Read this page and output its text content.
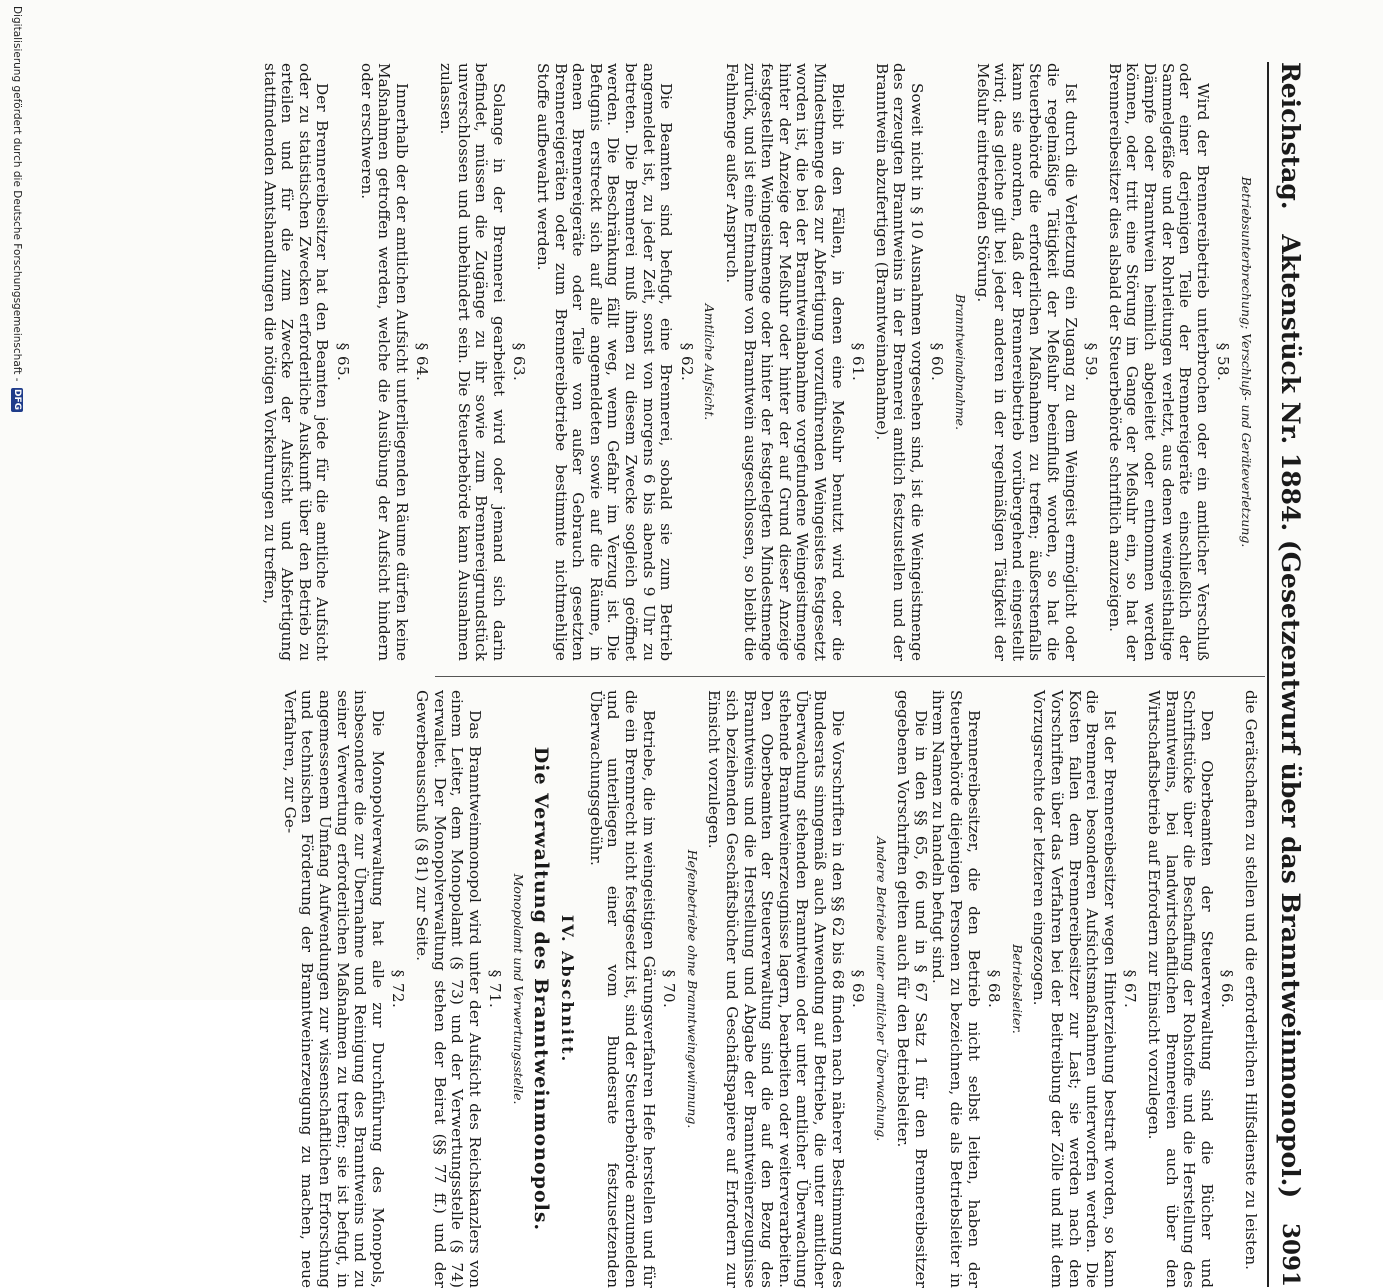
Reichstag.
Aktenstück Nr. 1884. (Gesetzentwurf über das Branntweinmonopol.)
3091
Betriebsunterbrechung; Verschluß- und Geräteverletzung.
§ 58.

Wird der Brennereibetrieb unterbrochen oder ein amtlicher Verschluß oder einer derjenigen Teile der Brennereigeräte einschließlich der Sammelgefäße und der Rohrleitungen verletzt, aus denen weingeisthaltige Dämpfe oder Branntwein heimlich abgeleitet oder entnommen werden können, oder tritt eine Störung im Gange der Meßuhr ein, so hat der Brennereibesitzer dies alsbald der Steuerbehörde schriftlich anzuzeigen.

§ 59.

Ist durch die Verletzung ein Zugang zu dem Weingeist ermöglicht oder die regelmäßige Tätigkeit der Meßuhr beeinflußt worden, so hat die Steuerbehörde die erforderlichen Maßnahmen zu treffen; äußerstenfalls kann sie anordnen, daß der Brennereibetrieb vorübergehend eingestellt wird; das gleiche gilt bei jeder anderen in der regelmäßigen Tätigkeit der Meßuhr eintretenden Störung.

Branntweinabnahme.
§ 60.

Soweit nicht in § 10 Ausnahmen vorgesehen sind, ist die Weingeistmenge des erzeugten Branntweins in der Brennerei amtlich festzustellen und der Branntwein abzufertigen (Branntweinabnahme).

§ 61.

Bleibt in den Fällen, in denen eine Meßuhr benutzt wird oder die Mindestmenge des zur Abfertigung vorzuführenden Weingeistes festgesetzt worden ist, die bei der Branntweinabnahme vorgefundene Weingeistmenge hinter der Anzeige der Meßuhr oder hinter der auf Grund dieser Anzeige festgestellten Weingeistmenge oder hinter der festgelegten Mindestmenge zurück, und ist eine Entnahme von Branntwein ausgeschlossen, so bleibt die Fehlmenge außer Anspruch.

Amtliche Aufsicht.
§ 62.

Die Beamten sind befugt, eine Brennerei, sobald sie zum Betrieb angemeldet ist, zu jeder Zeit, sonst von morgens 6 bis abends 9 Uhr zu betreten. Die Brennerei muß ihnen zu diesem Zwecke sogleich geöffnet werden. Die Beschränkung fällt weg, wenn Gefahr im Verzug ist. Die Befugnis erstreckt sich auf alle angemeldeten sowie auf die Räume, in denen Brennereigeräte oder Teile von außer Gebrauch gesetzten Brennereigeräten oder zum Brennereibetriebe bestimmte nichtmehlige Stoffe aufbewahrt werden.

§ 63.

Solange in der Brennerei gearbeitet wird oder jemand sich darin befindet, müssen die Zugänge zu ihr sowie zum Brennereigrundstück unverschlossen und unbehindert sein. Die Steuerbehörde kann Ausnahmen zulassen.

§ 64.

Innerhalb der der amtlichen Aufsicht unterliegenden Räume dürfen keine Maßnahmen getroffen werden, welche die Ausübung der Aufsicht hindern oder erschweren.

§ 65.

Der Brennereibesitzer hat den Beamten jede für die amtliche Aufsicht oder zu statistischen Zwecken erforderliche Auskunft über den Betrieb zu erteilen und für die zum Zwecke der Aufsicht und Abfertigung stattfindenden Amtshandlungen die nötigen Vorkehrungen zu treffen,

die Gerätschaften zu stellen und die erforderlichen Hilfsdienste zu leisten.

§ 66.

Den Oberbeamten der Steuerverwaltung sind die Bücher und Schriftstücke über die Beschaffung der Rohstoffe und die Herstellung des Branntweins, bei landwirtschaftlichen Brennereien auch über den Wirtschaftsbetrieb auf Erfordern zur Einsicht vorzulegen.

§ 67.

Ist der Brennereibesitzer wegen Hinterziehung bestraft worden, so kann die Brennerei besonderen Aufsichtsmaßnahmen unterworfen werden. Die Kosten fallen dem Brennereibesitzer zur Last; sie werden nach den Vorschriften über das Verfahren bei der Beitreibung der Zölle und mit dem Vorzugsrechte der letzteren eingezogen.

Betriebsleiter.
§ 68.

Brennereibesitzer, die den Betrieb nicht selbst leiten, haben der Steuerbehörde diejenigen Personen zu bezeichnen, die als Betriebsleiter in ihrem Namen zu handeln befugt sind.

Die in den §§ 65, 66 und in § 67 Satz 1 für den Brennereibesitzer gegebenen Vorschriften gelten auch für den Betriebsleiter.

Andere Betriebe unter amtlicher Überwachung.
§ 69.

Die Vorschriften in den §§ 62 bis 68 finden nach näherer Bestimmung des Bundesrats sinngemäß auch Anwendung auf Betriebe, die unter amtlicher Überwachung stehenden Branntwein oder unter amtlicher Überwachung stehende Branntweinerzeugnisse lagern, bearbeiten oder weiterverarbeiten. Den Oberbeamten der Steuerverwaltung sind die auf den Bezug des Branntweins und die Herstellung und Abgabe der Branntweinerzeugnisse sich beziehenden Geschäftsbücher und Geschäftspapiere auf Erfordern zur Einsicht vorzulegen.

Hefenbetriebe ohne Branntweingewinnung.
§ 70.

Betriebe, die im weingeistigen Gärungsverfahren Hefe herstellen und für die ein Brennrecht nicht festgesetzt ist, sind der Steuerbehörde anzumelden und unterliegen einer vom Bundesrate festzusetzenden Überwachungsgebühr.

IV. Abschnitt.
Die Verwaltung des Branntweinmonopols.
Monopolamt und Verwertungsstelle.
§ 71.

Das Branntweinmonopol wird unter der Aufsicht des Reichskanzlers von einem Leiter, dem Monopolamt (§ 73) und der Verwertungsstelle (§ 74) verwaltet. Der Monopolverwaltung stehen der Beirat (§§ 77 ff.) und der Gewerbeausschuß (§ 81) zur Seite.

§ 72.

Die Monopolverwaltung hat alle zur Durchführung des Monopols, insbesondere die zur Übernahme und Reinigung des Branntweins und zu seiner Verwertung erforderlichen Maßnahmen zu treffen; sie ist befugt, in angemessenem Umfang Aufwendungen zur wissenschaftlichen Erforschung und technischen Förderung der Branntweinerzeugung zu machen, neue Verfahren, zur Ge-

Digitalisierung gefördert durch die Deutsche Forschungsgemeinschaft -
DFG
